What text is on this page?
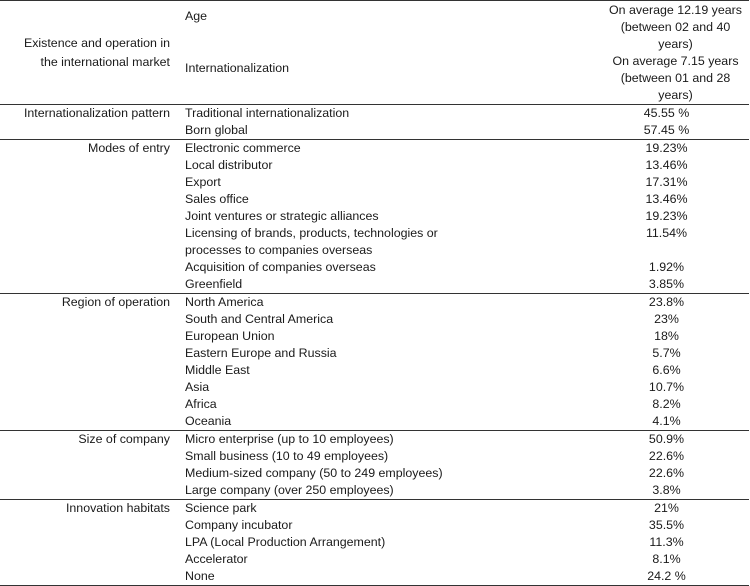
Existence and operation in the international market	Age	On average 12.19 years (between 02 and 40 years)
	Internationalization	On average 7.15 years (between 01 and 28 years)
Internationalization pattern	Traditional internationalization	45.55 %
	Born global	57.45 %
Modes of entry	Electronic commerce	19.23%
	Local distributor	13.46%
	Export	17.31%
	Sales office	13.46%
	Joint ventures or strategic alliances	19.23%
	Licensing of brands, products, technologies or processes to companies overseas	11.54%
	Acquisition of companies overseas	1.92%
	Greenfield	3.85%
Region of operation	North America	23.8%
	South and Central America	23%
	European Union	18%
	Eastern Europe and Russia	5.7%
	Middle East	6.6%
	Asia	10.7%
	Africa	8.2%
	Oceania	4.1%
Size of company	Micro enterprise (up to 10 employees)	50.9%
	Small business (10 to 49 employees)	22.6%
	Medium-sized company (50 to 249 employees)	22.6%
	Large company (over 250 employees)	3.8%
Innovation habitats	Science park	21%
	Company incubator	35.5%
	LPA (Local Production Arrangement)	11.3%
	Accelerator	8.1%
	None	24.2 %
